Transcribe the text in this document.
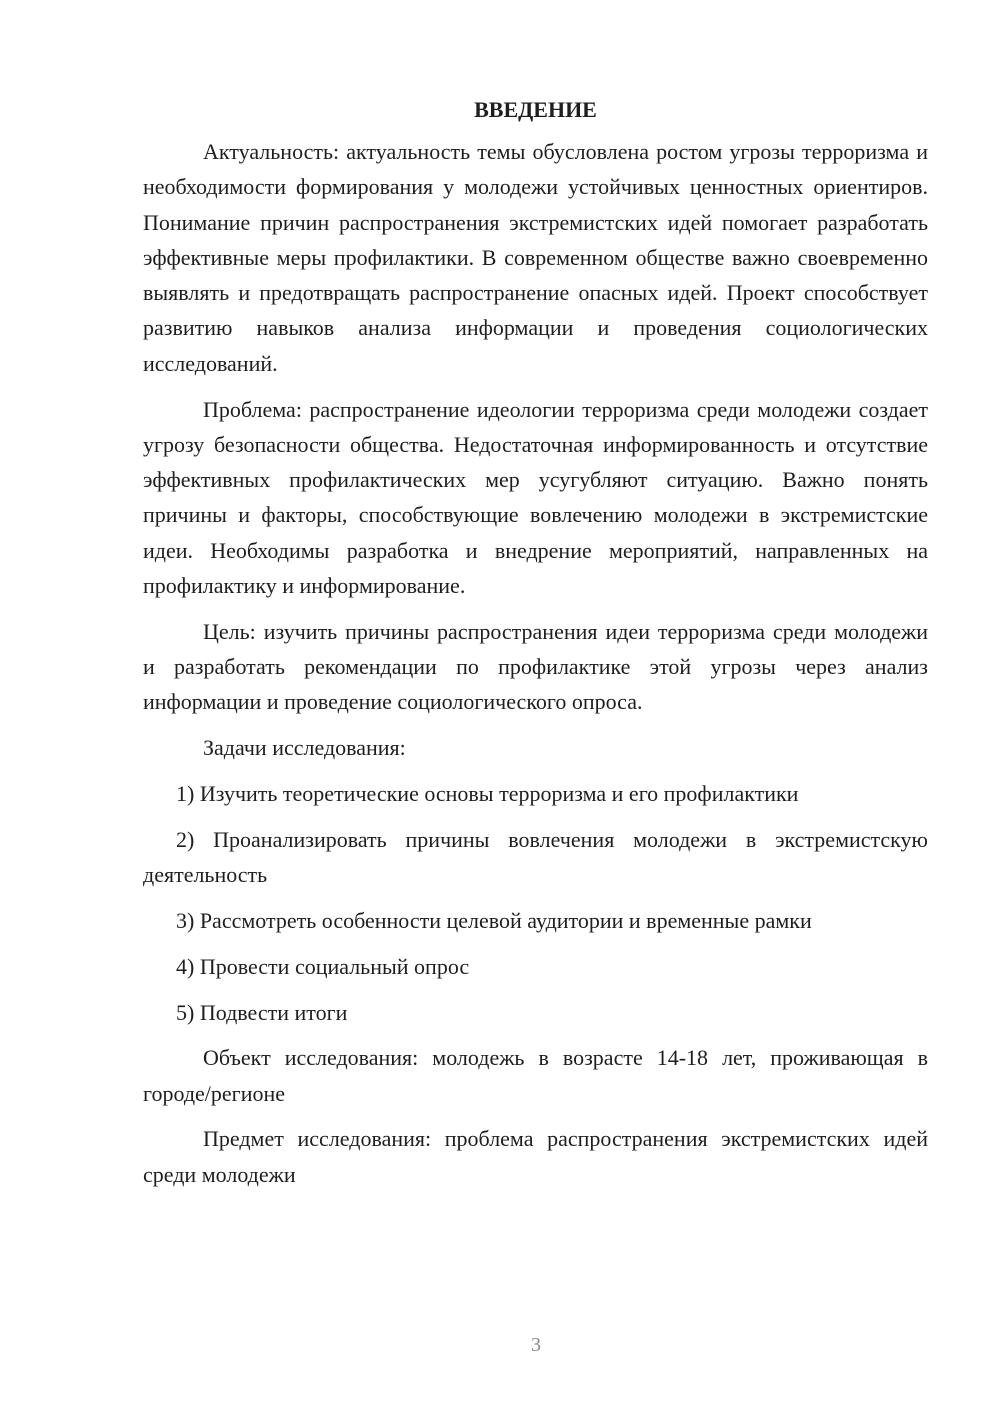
ВВЕДЕНИЕ

Актуальность: актуальность темы обусловлена ростом угрозы терроризма и необходимости формирования у молодежи устойчивых ценностных ориентиров. Понимание причин распространения экстремистских идей помогает разработать эффективные меры профилактики. В современном обществе важно своевременно выявлять и предотвращать распространение опасных идей. Проект способствует развитию навыков анализа информации и проведения социологических исследований.

Проблема: распространение идеологии терроризма среди молодежи создает угрозу безопасности общества. Недостаточная информированность и отсутствие эффективных профилактических мер усугубляют ситуацию. Важно понять причины и факторы, способствующие вовлечению молодежи в экстремистские идеи. Необходимы разработка и внедрение мероприятий, направленных на профилактику и информирование.

Цель: изучить причины распространения идеи терроризма среди молодежи и разработать рекомендации по профилактике этой угрозы через анализ информации и проведение социологического опроса.

Задачи исследования:

1) Изучить теоретические основы терроризма и его профилактики

2) Проанализировать причины вовлечения молодежи в экстремистскую деятельность

3) Рассмотреть особенности целевой аудитории и временные рамки

4) Провести социальный опрос

5) Подвести итоги

Объект исследования: молодежь в возрасте 14-18 лет, проживающая в городе/регионе

Предмет исследования: проблема распространения экстремистских идей среди молодежи

3
